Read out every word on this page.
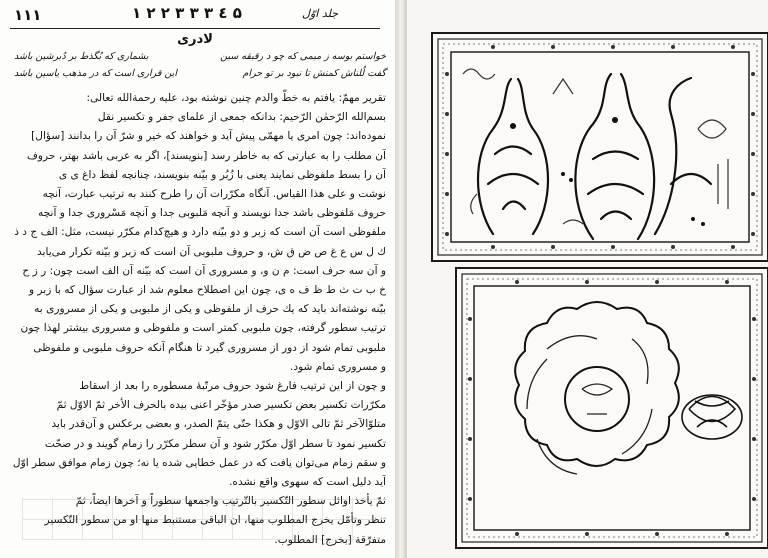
١١١	٤ ٣ ٣ ٣ ٢ ٢ ١ ۵	جلد اوّل
لادری
خواستم بوسه ز میمی که چو د رقبقه سین
بشماری که بُگذط بر دُبرشین باشد
گفت لُلناش کمنش تا نبود بر تو حرام
این قراری است که در مذهب یاسین باشد
تقریر مهمّ: یافتم به خطّ والدم چنین نوشته بود، علیه رحمة‌الله تعالی:
بسم‌الله الرّحمٰن الرّحیم: بدانکه جمعی از علمای جفر و تکسیر نقل
نموده‌اند: چون امری یا مهمّی پیش آید و خواهند که خیر و شرّ آن را بدانند [سؤال]
آن مطلب را به عبارتی که به خاطر رسد [بنویسند]، اگر به عربی باشد بهتر، حروف
آن را بسط ملفوظی نمایند یعنی با زُبُر و بیّنه بنویسند، چنانچه لفظ داغ ی ی
نوشت و علی هذا القیاس. آنگاه مکرّرات آن را طرح کنند به ترتیب عبارت، آنچه
حروف مَلفوظی باشد جدا نویسند و آنچه مَلبوبی جدا و آنچه مَسْروری جدا و آنچه
ملفوظی است آن است که زبر و دو بیّنه دارد و هیچ‌کدام مکرّر نیست، مثل: الف ج د ذ
ك ل س ع غ ص ض ق ش، و حروف ملبوبی آن است که زبر و بیّنه تکرار می‌یابد
و آن سه حرف است: م ن و، و مسروری آن است که بیّنه آن الف است چون: ر ز ح
خ ب ت ث ط ظ ف ه ی، چون این اصطلاح معلوم شد از عبارت سؤال که با زبر و
بیّنه نوشته‌اند باید که یك حرف از ملفوظی و یکی از ملبوبی و یکی از مسروری به
ترتیب سطور گرفته، چون ملبوبی کمتر است و ملفوظی و مسروری بیشتر لهذا چون
ملبوبی تمام شود از دور از مسروری گیرد تا هنگام آنکه حروف ملبوبی و ملفوظی
و مسروری تمام شود.
و چون از این ترتیب فارغ شود حروف مرتّبهٔ مسطوره را بعد از اسقاط
مکرّرات تکسیر بعض تکسیر صدر مؤخّر اعنی بیده بالحرف الأخر ثمّ الاوّل ثمّ
متلوّالآخر ثمّ تالی الاوّل و هکذا حتّی یتمّ الصدر، و بعضی برعکس و آن‌قدر باید
تکسیر نمود تا سطر اوّل مکرّر شود و آن سطر مکرّر را زمام گویند و در صحّت
و سقم زمام می‌توان یافت که در عمل خطایی شده یا نه؛ چون زمام موافق سطر اوّل
آید دلیل است که سهوی واقع نشده.
ثمّ یأخذ اوائل سطور التّکسیر بالتّرتیب واجمعها سطوراً و آخرها ایضاً، ثمّ
تنظر وتأمّل یخرج المطلوب منها، ان الباقی مستنبط منها او من سطور التّکسیر
متفرّقة [بخرج] المطلوب.
